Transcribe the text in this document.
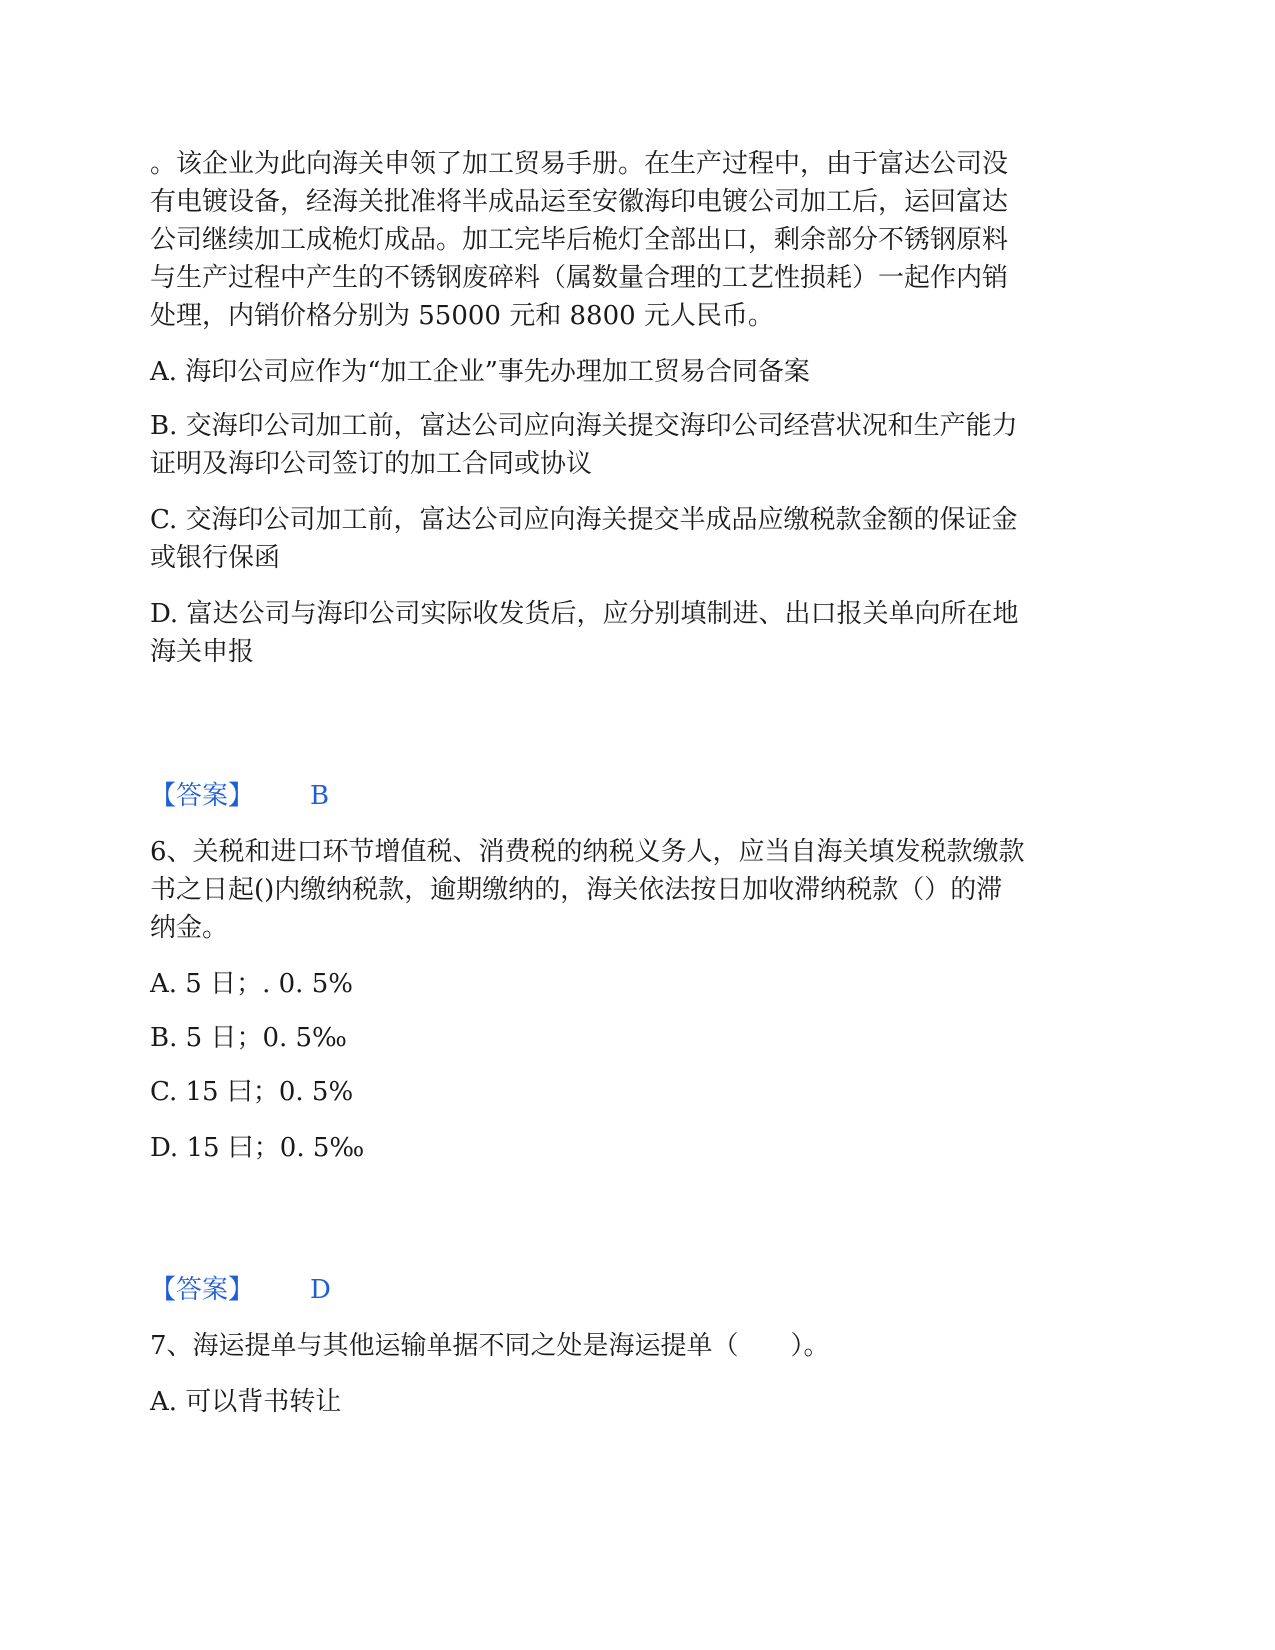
。该企业为此向海关申领了加工贸易手册。在生产过程中，由于富达公司没
有电镀设备，经海关批准将半成品运至安徽海印电镀公司加工后，运回富达
公司继续加工成桅灯成品。加工完毕后桅灯全部出口，剩余部分不锈钢原料
与生产过程中产生的不锈钢废碎料（属数量合理的工艺性损耗）一起作内销
处理，内销价格分别为 55000 元和 8800 元人民币。
A. 海印公司应作为“加工企业”事先办理加工贸易合同备案
B. 交海印公司加工前，富达公司应向海关提交海印公司经营状况和生产能力
证明及海印公司签订的加工合同或协议
C. 交海印公司加工前，富达公司应向海关提交半成品应缴税款金额的保证金
或银行保函
D. 富达公司与海印公司实际收发货后，应分别填制进、出口报关单向所在地
海关申报
【答案】 B
6、关税和进口环节增值税、消费税的纳税义务人，应当自海关填发税款缴款
书之日起()内缴纳税款，逾期缴纳的，海关依法按日加收滞纳税款（）的滞
纳金。
A. 5 日；. 0. 5%
B. 5 日；0. 5‰
C. 15 曰；0. 5%
D. 15 曰；0. 5‰
【答案】 D
7、海运提单与其他运输单据不同之处是海运提单（　　）。
A. 可以背书转让
